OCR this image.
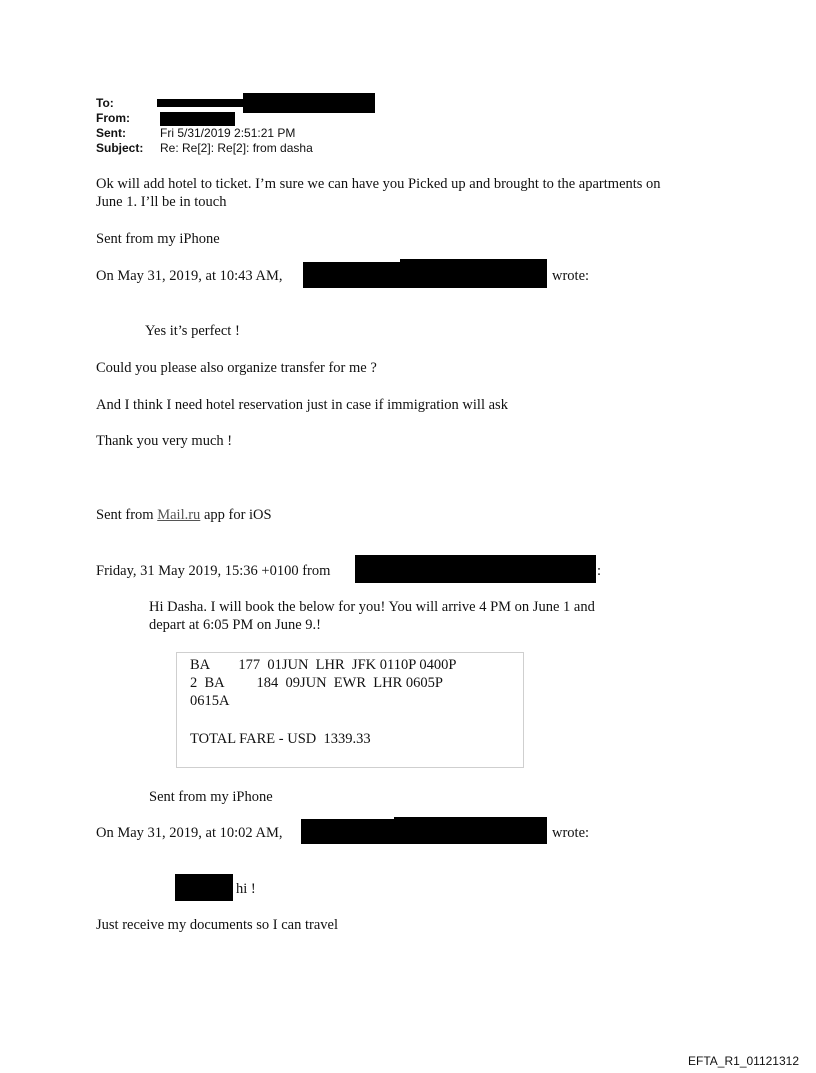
To:
From:
Sent:	Fri 5/31/2019 2:51:21 PM
Subject: Re: Re[2]: Re[2]: from dasha
Ok will add hotel to ticket. I’m sure we can have you Picked up and brought to the apartments on
June 1. I’ll be in touch
Sent from my iPhone
On May 31, 2019, at 10:43 AM,	wrote:
Yes it’s perfect !
Could you please also organize transfer for me ?
And I think I need hotel reservation just in case if immigration will ask
Thank you very much !
Sent from Mail.ru app for iOS
Friday, 31 May 2019, 15:36 +0100 from	:
Hi Dasha. I will book the below for you! You will arrive 4 PM on June 1 and
depart at 6:05 PM on June 9.!
BA        177  01JUN  LHR  JFK 0110P 0400P
2  BA         184  09JUN  EWR  LHR 0605P
0615A
TOTAL FARE - USD  1339.33
Sent from my iPhone
On May 31, 2019, at 10:02 AM,	wrote:
hi !
Just receive my documents so I can travel
EFTA_R1_01121312
